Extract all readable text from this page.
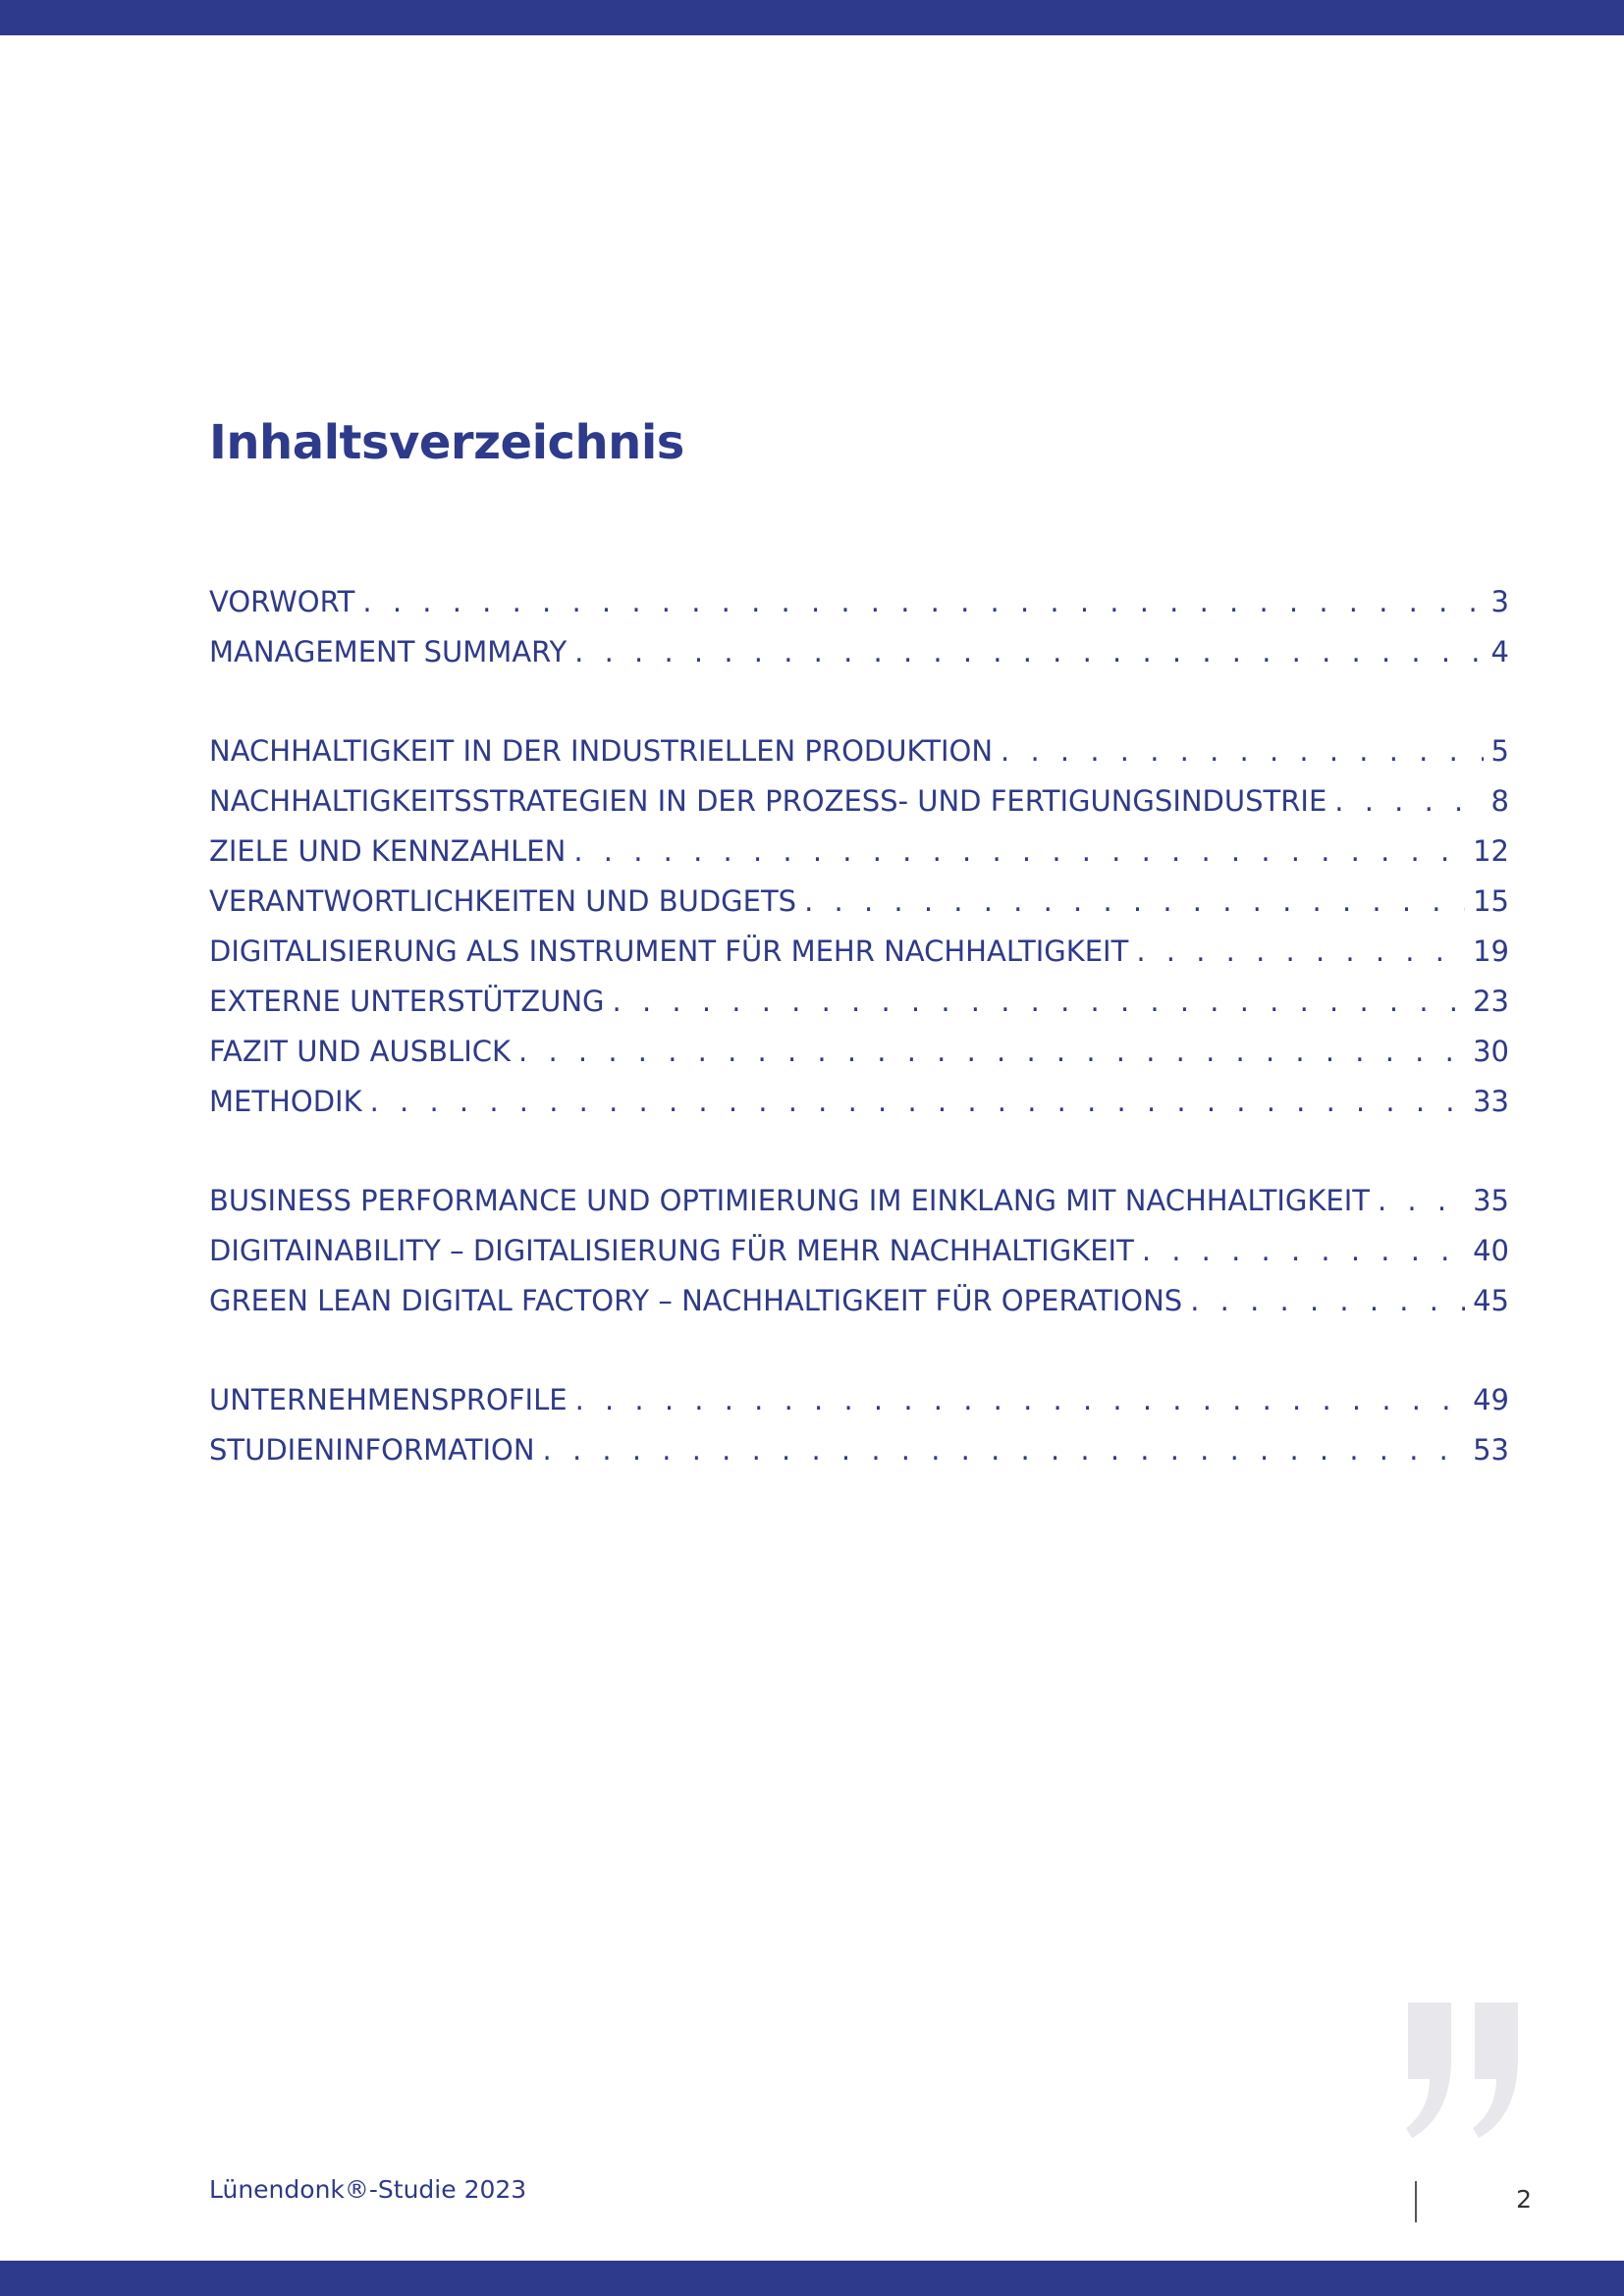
Inhaltsverzeichnis
VORWORT . . .	3
MANAGEMENT SUMMARY . . .	4
NACHHALTIGKEIT IN DER INDUSTRIELLEN PRODUKTION . . .	5
NACHHALTIGKEITSSTRATEGIEN IN DER PROZESS- UND FERTIGUNGSINDUSTRIE . . .	8
ZIELE UND KENNZAHLEN . . .	12
VERANTWORTLICHKEITEN UND BUDGETS . . .	15
DIGITALISIERUNG ALS INSTRUMENT FÜR MEHR NACHHALTIGKEIT . . .	19
EXTERNE UNTERSTÜTZUNG . . .	23
FAZIT UND AUSBLICK . . .	30
METHODIK . . .	33
BUSINESS PERFORMANCE UND OPTIMIERUNG IM EINKLANG MIT NACHHALTIGKEIT . . .	35
DIGITAINABILITY – DIGITALISIERUNG FÜR MEHR NACHHALTIGKEIT . . .	40
GREEN LEAN DIGITAL FACTORY – NACHHALTIGKEIT FÜR OPERATIONS . . .	45
UNTERNEHMENSPROFILE . . .	49
STUDIENINFORMATION . . .	53
Lünendonk®-Studie 2023	2
